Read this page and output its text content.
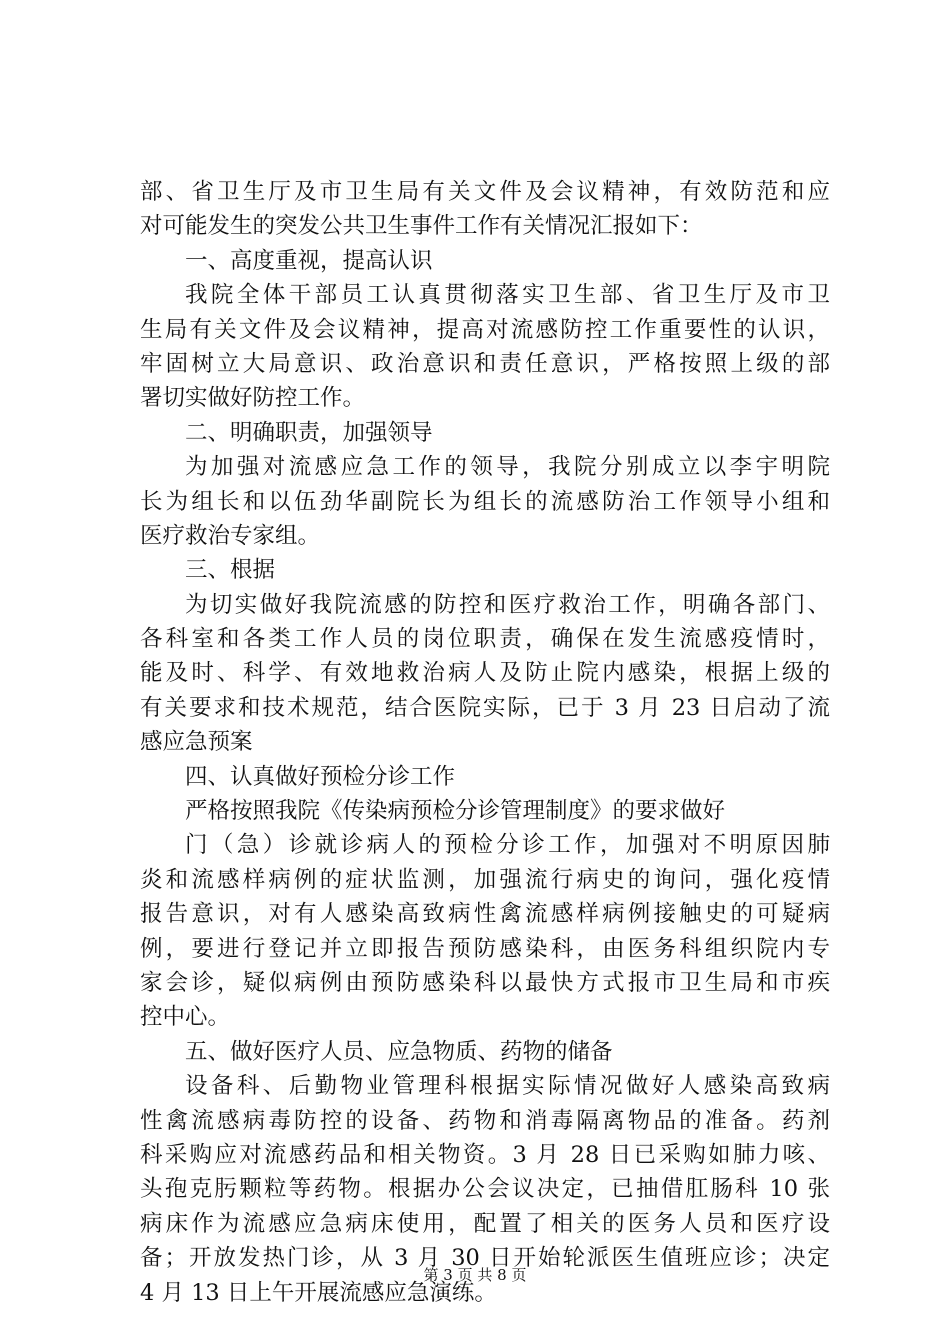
部、省卫生厅及市卫生局有关文件及会议精神，有效防范和应
对可能发生的突发公共卫生事件工作有关情况汇报如下：
一、高度重视，提高认识
我院全体干部员工认真贯彻落实卫生部、省卫生厅及市卫
生局有关文件及会议精神，提高对流感防控工作重要性的认识，
牢固树立大局意识、政治意识和责任意识，严格按照上级的部
署切实做好防控工作。
二、明确职责，加强领导
为加强对流感应急工作的领导，我院分别成立以李宇明院
长为组长和以伍劲华副院长为组长的流感防治工作领导小组和
医疗救治专家组。
三、根据
为切实做好我院流感的防控和医疗救治工作，明确各部门、
各科室和各类工作人员的岗位职责，确保在发生流感疫情时，
能及时、科学、有效地救治病人及防止院内感染，根据上级的
有关要求和技术规范，结合医院实际，已于 3 月 23 日启动了流
感应急预案
四、认真做好预检分诊工作
严格按照我院《传染病预检分诊管理制度》的要求做好
门（急）诊就诊病人的预检分诊工作，加强对不明原因肺
炎和流感样病例的症状监测，加强流行病史的询问，强化疫情
报告意识，对有人感染高致病性禽流感样病例接触史的可疑病
例，要进行登记并立即报告预防感染科，由医务科组织院内专
家会诊，疑似病例由预防感染科以最快方式报市卫生局和市疾
控中心。
五、做好医疗人员、应急物质、药物的储备
设备科、后勤物业管理科根据实际情况做好人感染高致病
性禽流感病毒防控的设备、药物和消毒隔离物品的准备。药剂
科采购应对流感药品和相关物资。3 月 28 日已采购如肺力咳、
头孢克肟颗粒等药物。根据办公会议决定，已抽借肛肠科 10 张
病床作为流感应急病床使用，配置了相关的医务人员和医疗设
备；开放发热门诊，从 3 月 30 日开始轮派医生值班应诊；决定
4 月 13 日上午开展流感应急演练。
第 3 页 共 8 页
